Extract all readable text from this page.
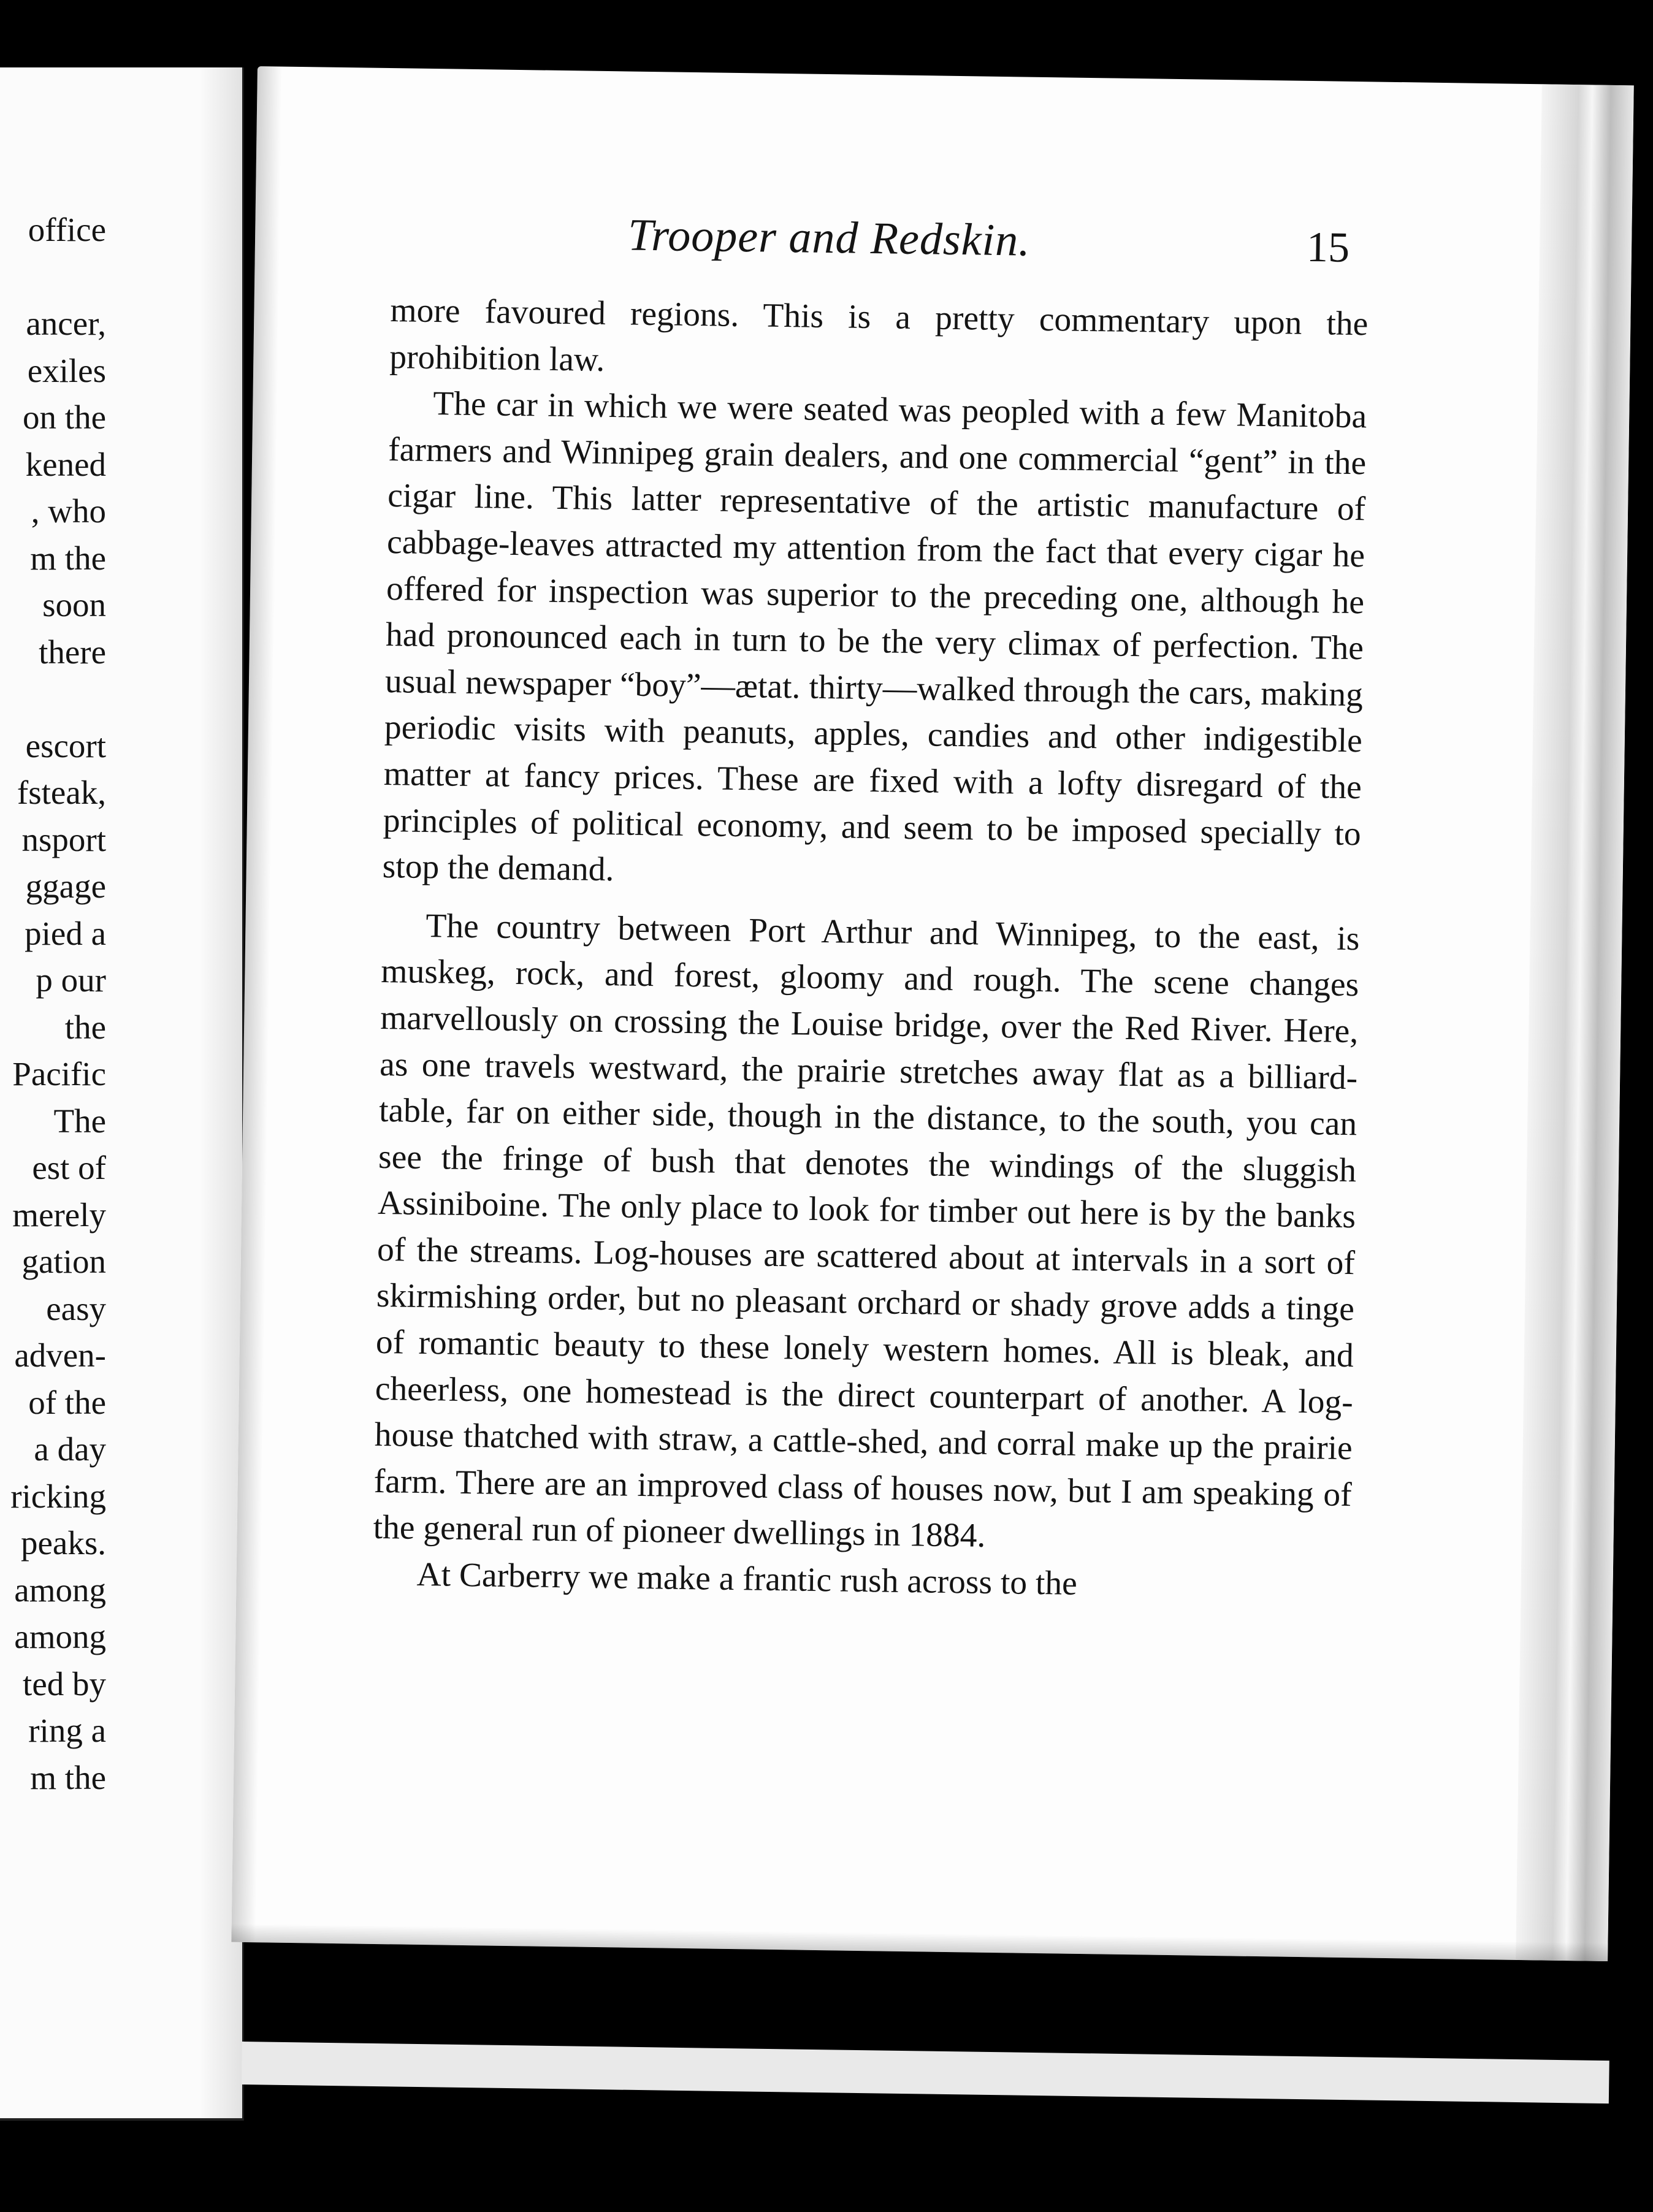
office
ancer,
exiles
on the
kened
, who
m the
soon
there
escort
fsteak,
nsport
ggage
pied a
p our
the
Pacific
The
est of
merely
gation
easy
adven-
of the
a day
ricking
peaks.
among
among
ted by
ring a
m the
Trooper and Redskin.	15

more favoured regions. This is a pretty commentary upon the prohibition law.

The car in which we were seated was peopled with a few Manitoba farmers and Winnipeg grain dealers, and one commercial “gent” in the cigar line. This latter representative of the artistic manufacture of cabbage-leaves attracted my attention from the fact that every cigar he offered for inspection was superior to the preceding one, although he had pronounced each in turn to be the very climax of perfection. The usual newspaper “boy”—ætat. thirty—walked through the cars, making periodic visits with peanuts, apples, candies and other indigestible matter at fancy prices. These are fixed with a lofty disregard of the principles of political economy, and seem to be imposed specially to stop the demand.

The country between Port Arthur and Winnipeg, to the east, is muskeg, rock, and forest, gloomy and rough. The scene changes marvellously on crossing the Louise bridge, over the Red River. Here, as one travels westward, the prairie stretches away flat as a billiard-table, far on either side, though in the distance, to the south, you can see the fringe of bush that denotes the windings of the sluggish Assiniboine. The only place to look for timber out here is by the banks of the streams. Log-houses are scattered about at intervals in a sort of skirmishing order, but no pleasant orchard or shady grove adds a tinge of romantic beauty to these lonely western homes. All is bleak, and cheerless, one homestead is the direct counterpart of another. A log-house thatched with straw, a cattle-shed, and corral make up the prairie farm. There are an improved class of houses now, but I am speaking of the general run of pioneer dwellings in 1884.

At Carberry we make a frantic rush across to the
